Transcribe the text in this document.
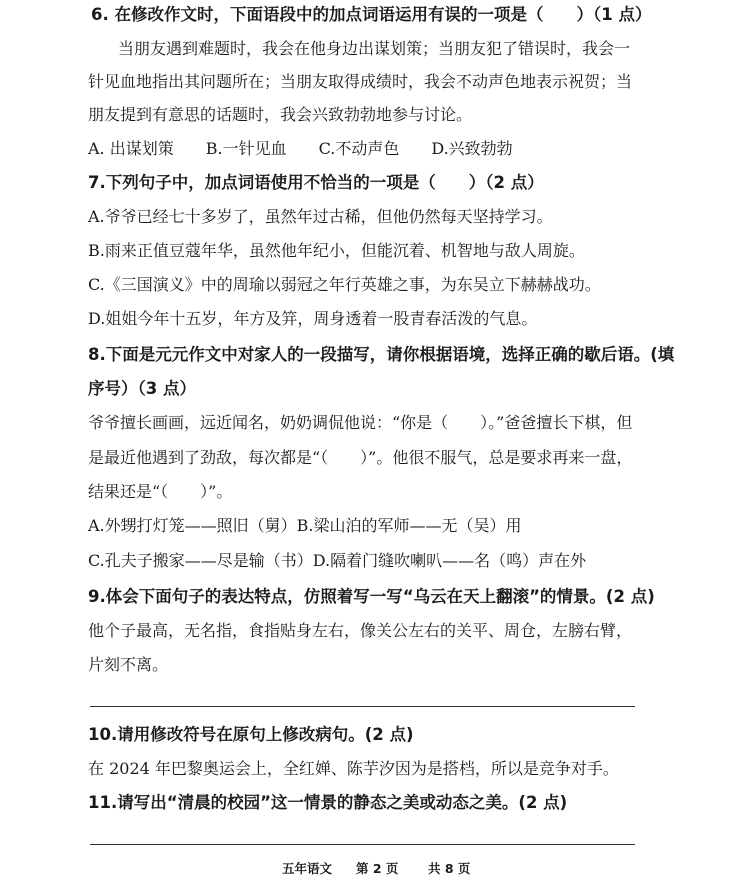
6. 在修改作文时，下面语段中的加点词语运用有误的一项是（　　）（1 点）
当朋友遇到难题时，我会在他身边出谋划策；当朋友犯了错误时，我会一
针见血地指出其问题所在；当朋友取得成绩时，我会不动声色地表示祝贺；当
朋友提到有意思的话题时，我会兴致勃勃地参与讨论。
A. 出谋划策　　B.一针见血　　C.不动声色　　D.兴致勃勃
7.下列句子中，加点词语使用不恰当的一项是（　　）（2 点）
A.爷爷已经七十多岁了，虽然年过古稀，但他仍然每天坚持学习。
B.雨来正值豆蔻年华，虽然他年纪小，但能沉着、机智地与敌人周旋。
C.《三国演义》中的周瑜以弱冠之年行英雄之事，为东吴立下赫赫战功。
D.姐姐今年十五岁，年方及笄，周身透着一股青春活泼的气息。
8.下面是元元作文中对家人的一段描写，请你根据语境，选择正确的歇后语。(填
序号）（3 点）
爷爷擅长画画，远近闻名，奶奶调侃他说：“你是（　　）。”爸爸擅长下棋，但
是最近他遇到了劲敌，每次都是“（　　）”。他很不服气，总是要求再来一盘，
结果还是“（　　）”。
A.外甥打灯笼——照旧（舅）B.梁山泊的军师——无（吴）用
C.孔夫子搬家——尽是输（书）D.隔着门缝吹喇叭——名（鸣）声在外
9.体会下面句子的表达特点，仿照着写一写“乌云在天上翻滚”的情景。(2 点)
他个子最高，无名指，食指贴身左右，像关公左右的关平、周仓，左膀右臂，
片刻不离。
10.请用修改符号在原句上修改病句。(2 点)
在 2024 年巴黎奥运会上，全红婵、陈芋汐因为是搭档，所以是竞争对手。
11.请写出“清晨的校园”这一情景的静态之美或动态之美。(2 点)
五年语文 第 2 页 共 8 页
